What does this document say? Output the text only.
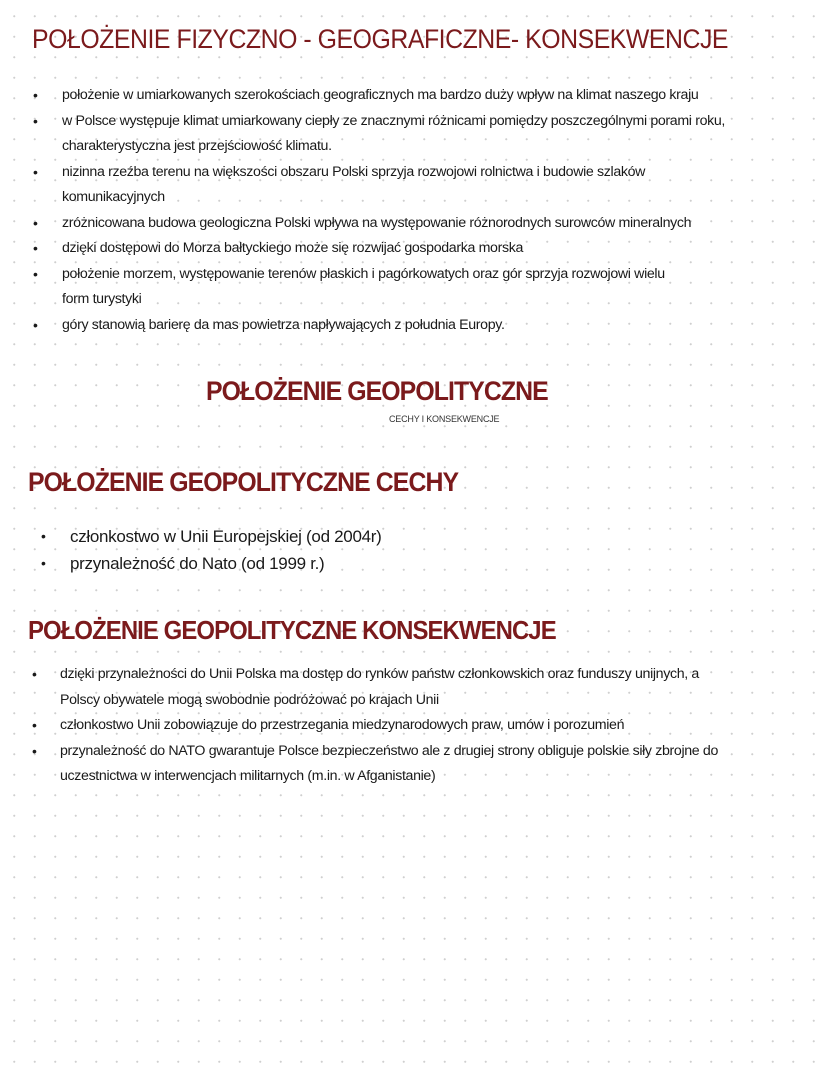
POŁOŻENIE FIZYCZNO - GEOGRAFICZNE- KONSEKWENCJE
• położenie w umiarkowanych szerokościach geograficznych ma bardzo duży wpływ na klimat naszego kraju
• w Polsce występuje klimat umiarkowany ciepły ze znacznymi różnicami pomiędzy poszczególnymi porami roku,
charakterystyczna jest przejściowość klimatu.
• nizinna rzeźba terenu na większości obszaru Polski sprzyja rozwojowi rolnictwa i budowie szlaków
komunikacyjnych
• zróżnicowana budowa geologiczna Polski wpływa na występowanie różnorodnych surowców mineralnych
• dzięki dostępowi do Morza bałtyckiego może się rozwijać gospodarka morska
• położenie morzem, występowanie terenów płaskich i pagórkowatych oraz gór sprzyja rozwojowi wielu
form turystyki
• góry stanowią barierę da mas powietrza napływających z południa Europy.
POŁOŻENIE GEOPOLITYCZNE
CECHY I KONSEKWENCJE
POŁOŻENIE GEOPOLITYCZNE CECHY
• członkostwo w Unii Europejskiej (od 2004r)
• przynależność do Nato (od 1999 r.)
POŁOŻENIE GEOPOLITYCZNE KONSEKWENCJE
• dzięki przynależności do Unii Polska ma dostęp do rynków państw członkowskich oraz funduszy unijnych, a
Polscy obywatele mogą swobodnie podróżować po krajach Unii
• członkostwo Unii zobowiązuje do przestrzegania miedzynarodowych praw, umów i porozumień
• przynależność do NATO gwarantuje Polsce bezpieczeństwo ale z drugiej strony obliguje polskie siły zbrojne do
uczestnictwa w interwencjach militarnych (m.in. w Afganistanie)
